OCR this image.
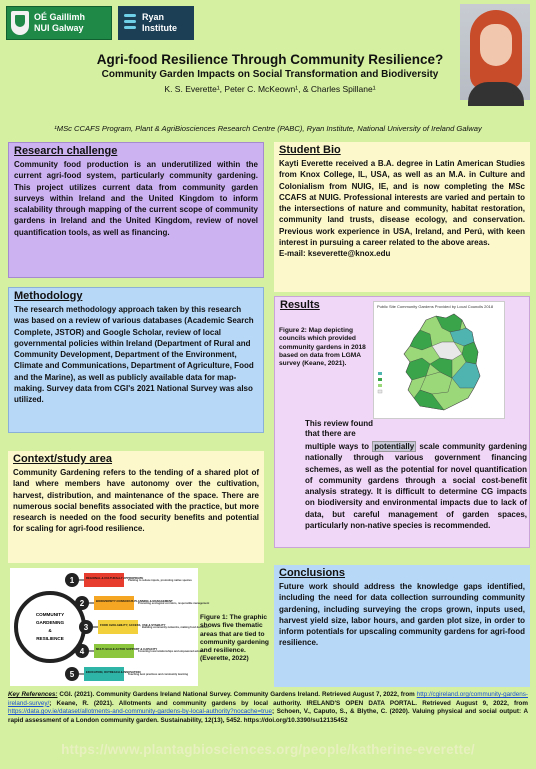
OÉ Gaillimh
NUI Galway
Ryan
Institute
Agri-food Resilience Through Community Resilience?
Community Garden Impacts on Social Transformation and Biodiversity
K. S. Everette¹, Peter C. McKeown¹, & Charles Spillane¹
¹MSc CCAFS Program, Plant & AgriBiosciences Research Centre (PABC), Ryan Institute, National University of Ireland Galway
Research challenge

Community food production is an underutilized within the current agri-food system, particularly community gardening. This project utilizes current data from community garden surveys within Ireland and the United Kingdom to inform scalability through mapping of the current scope of community gardens in Ireland and the United Kingdom, review of novel quantification tools, as well as financing.

Student Bio

Kayti Everette received a B.A. degree in Latin American Studies from Knox College, IL, USA, as well as an M.A. in Culture and Colonialism from NUIG, IE, and is now completing the MSc CCAFS at NUIG. Professional interests are varied and pertain to the intersections of nature and community, habitat restoration, community land trusts, disease ecology, and conservation. Previous work experience in USA, Ireland, and Perú, with keen interest in pursuing a career related to the above areas.

E-mail: kseverette@knox.edu

Methodology

The research methodology approach taken by this research was based on a review of various databases (Academic Search Complete, JSTOR) and Google Scholar, review of local governmental policies within Ireland (Department of Rural and Community Development, Department of the Environment, Climate and Communications, Department of Agriculture, Food and the Marine), as well as publicly available data for map-making. Survey data from CGI's 2021 National Survey was also utilized.

Results
Figure 2: Map depicting councils which provided community gardens in 2018 based on data from LGMA survey (Keane, 2021).
Public Site Community Gardens Provided by Local Councils 2018
This review found that there are

multiple ways to potentially scale community gardening nationally through various government financing schemes, as well as the potential for novel quantification of community gardens through a social cost-benefit analysis strategy. It is difficult to determine CG impacts on biodiversity and environmental impacts due to lack of data, but careful management of garden spaces, particularly non-native species is recommended.

Context/study area

Community Gardening refers to the tending of a shared plot of land where members have autonomy over the cultivation, harvest, distribution, and maintenance of the space. There are numerous social benefits associated with the practice, but more research is needed on the food security benefits and potential for scaling for agri-food resilience.

COMMUNITY
GARDENING
&
RESILIENCE
1	REGIONAL & CULTURALLY APPROPRIATE
Planting to reduce inputs, promoting native species
2	BIODIVERSITY-CONSCIOUS PLANNING & MANAGEMENT
Promoting ecological corridors, responsible management
3	FOOD AVAILABILITY, ACCESS, USE & STABILITY
Building community networks, making food decisions
4	MULTI-SCALE ACTOR SUPPORT & CAPACITY
Fostering local relationships and empowered actors
5	EDUCATION, OUTREACH & INNOVATION
Teaching best practices and community learning
Figure 1: The graphic shows five thematic areas that are tied to community gardening and resilience. (Everette, 2022)
Conclusions

Future work should address the knowledge gaps identified, including the need for data collection surrounding community gardening, including surveying the crops grown, inputs used, harvest yield size, labor hours, and garden plot size, in order to inform potentials for upscaling community gardens for agri-food resilience.

Key References: CGI. (2021). Community Gardens Ireland National Survey. Community Gardens Ireland. Retrieved August 7, 2022, from http://cgireland.org/community-gardens-ireland-survey/; Keane, R. (2021). Allotments and community gardens by local authority. IRELAND'S OPEN DATA PORTAL. Retrieved August 9, 2022, from https://data.gov.ie/dataset/allotments-and-community-gardens-by-local-authority?nocache=true; Schoen, V., Caputo, S., & Blythe, C. (2020). Valuing physical and social output: A rapid assessment of a London community garden. Sustainability, 12(13), 5452. https://doi.org/10.3390/su12135452
https://www.plantagbiosciences.org/people/katherine-everette/
